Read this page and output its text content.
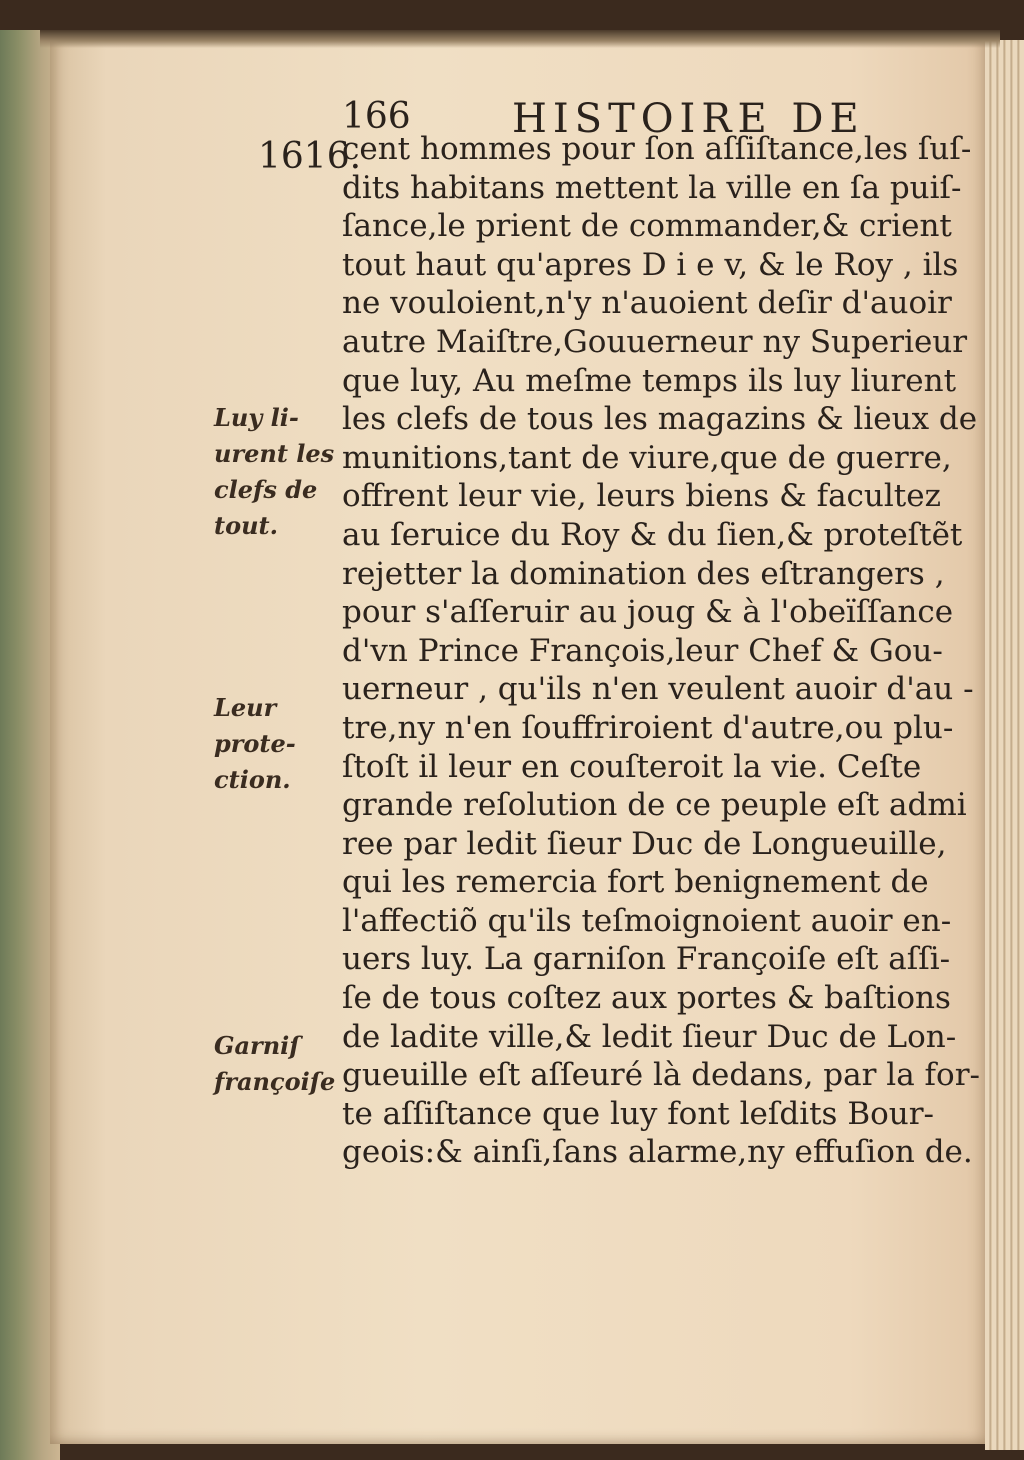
166	HISTOIRE DE
1616.
cent hommes pour ſon aſſiſtance,les ſuſ-
dits habitans mettent la ville en ſa puiſ-
ſance,le prient de commander,& crient
tout haut qu'apres D i e v, & le Roy , ils
ne vouloient,n'y n'auoient deſir d'auoir
autre Maiſtre,Gouuerneur ny Superieur
que luy, Au meſme temps ils luy liurent
les clefs de tous les magazins & lieux de
munitions,tant de viure,que de guerre,
offrent leur vie, leurs biens & facultez
au ſeruice du Roy & du ſien,& proteſtẽt
rejetter la domination des eſtrangers ,
pour s'aſſeruir au joug & à l'obeïſſance
d'vn Prince François,leur Chef & Gou-
uerneur , qu'ils n'en veulent auoir d'au -
tre,ny n'en ſouffriroient d'autre,ou plu-
ſtoſt il leur en couſteroit la vie. Ceſte
grande reſolution de ce peuple eſt admi
ree par ledit ſieur Duc de Longueuille,
qui les remercia fort benignement de
l'affectiõ qu'ils teſmoignoient auoir en-
uers luy. La garniſon Françoiſe eſt aſſi-
ſe de tous coſtez aux portes & baſtions
de ladite ville,& ledit ſieur Duc de Lon-
gueuille eſt aſſeuré là dedans, par la for-
te aſſiſtance que luy font leſdits Bour-
geois:& ainſi,ſans alarme,ny effuſion de.
Luy li-
urent les
clefs de
tout.
Leur
prote-
ction.
Garniſ
françoiſe
